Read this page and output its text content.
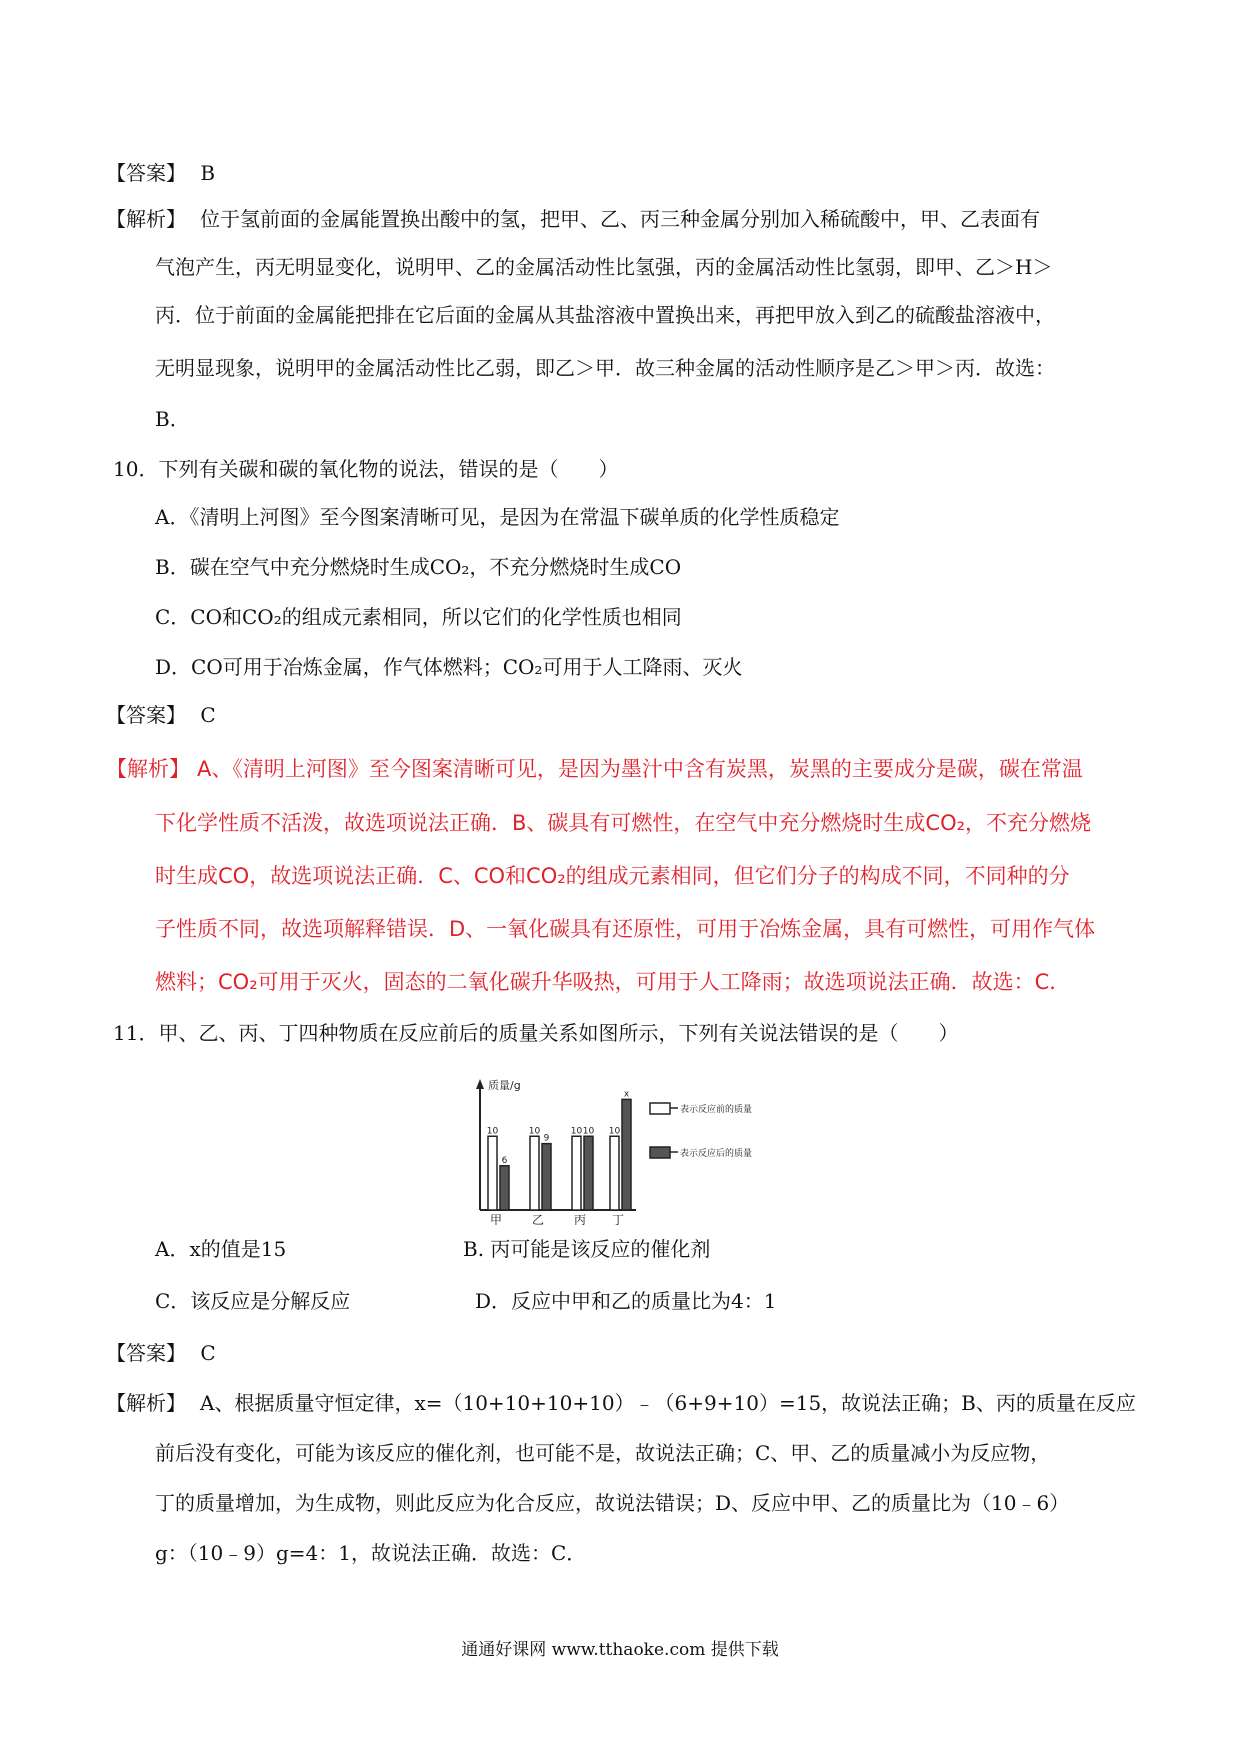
【答案】 B
【解析】 位于氢前面的金属能置换出酸中的氢，把甲、乙、丙三种金属分别加入稀硫酸中，甲、乙表面有
气泡产生，丙无明显变化，说明甲、乙的金属活动性比氢强，丙的金属活动性比氢弱，即甲、乙＞H＞
丙．位于前面的金属能把排在它后面的金属从其盐溶液中置换出来，再把甲放入到乙的硫酸盐溶液中，
无明显现象，说明甲的金属活动性比乙弱，即乙＞甲．故三种金属的活动性顺序是乙＞甲＞丙．故选：
B．
10．下列有关碳和碳的氧化物的说法，错误的是（　　）
A．《清明上河图》至今图案清晰可见，是因为在常温下碳单质的化学性质稳定
B．碳在空气中充分燃烧时生成CO₂，不充分燃烧时生成CO
C．CO和CO₂的组成元素相同，所以它们的化学性质也相同
D．CO可用于冶炼金属，作气体燃料；CO₂可用于人工降雨、灭火
【答案】 C
【解析】 A、《清明上河图》至今图案清晰可见，是因为墨汁中含有炭黑，炭黑的主要成分是碳，碳在常温
下化学性质不活泼，故选项说法正确．B、碳具有可燃性，在空气中充分燃烧时生成CO₂，不充分燃烧
时生成CO，故选项说法正确．C、CO和CO₂的组成元素相同，但它们分子的构成不同，不同种的分
子性质不同，故选项解释错误．D、一氧化碳具有还原性，可用于冶炼金属，具有可燃性，可用作气体
燃料；CO₂可用于灭火，固态的二氧化碳升华吸热，可用于人工降雨；故选项说法正确．故选：C．
11．甲、乙、丙、丁四种物质在反应前后的质量关系如图所示，下列有关说法错误的是（　　）
质量/g
10
6
10
9
10 10 10
x
甲 乙 丙 丁
表示反应前的质量
表示反应后的质量
A．x的值是15	B. 丙可能是该反应的催化剂
C．该反应是分解反应	D．反应中甲和乙的质量比为4：1
【答案】 C
【解析】 A、根据质量守恒定律，x=（10+10+10+10）﹣（6+9+10）=15，故说法正确；B、丙的质量在反应
前后没有变化，可能为该反应的催化剂，也可能不是，故说法正确；C、甲、乙的质量减小为反应物，
丁的质量增加，为生成物，则此反应为化合反应，故说法错误；D、反应中甲、乙的质量比为（10﹣6）
g：（10﹣9）g=4：1，故说法正确．故选：C．
通通好课网 www.tthaoke.com 提供下载
